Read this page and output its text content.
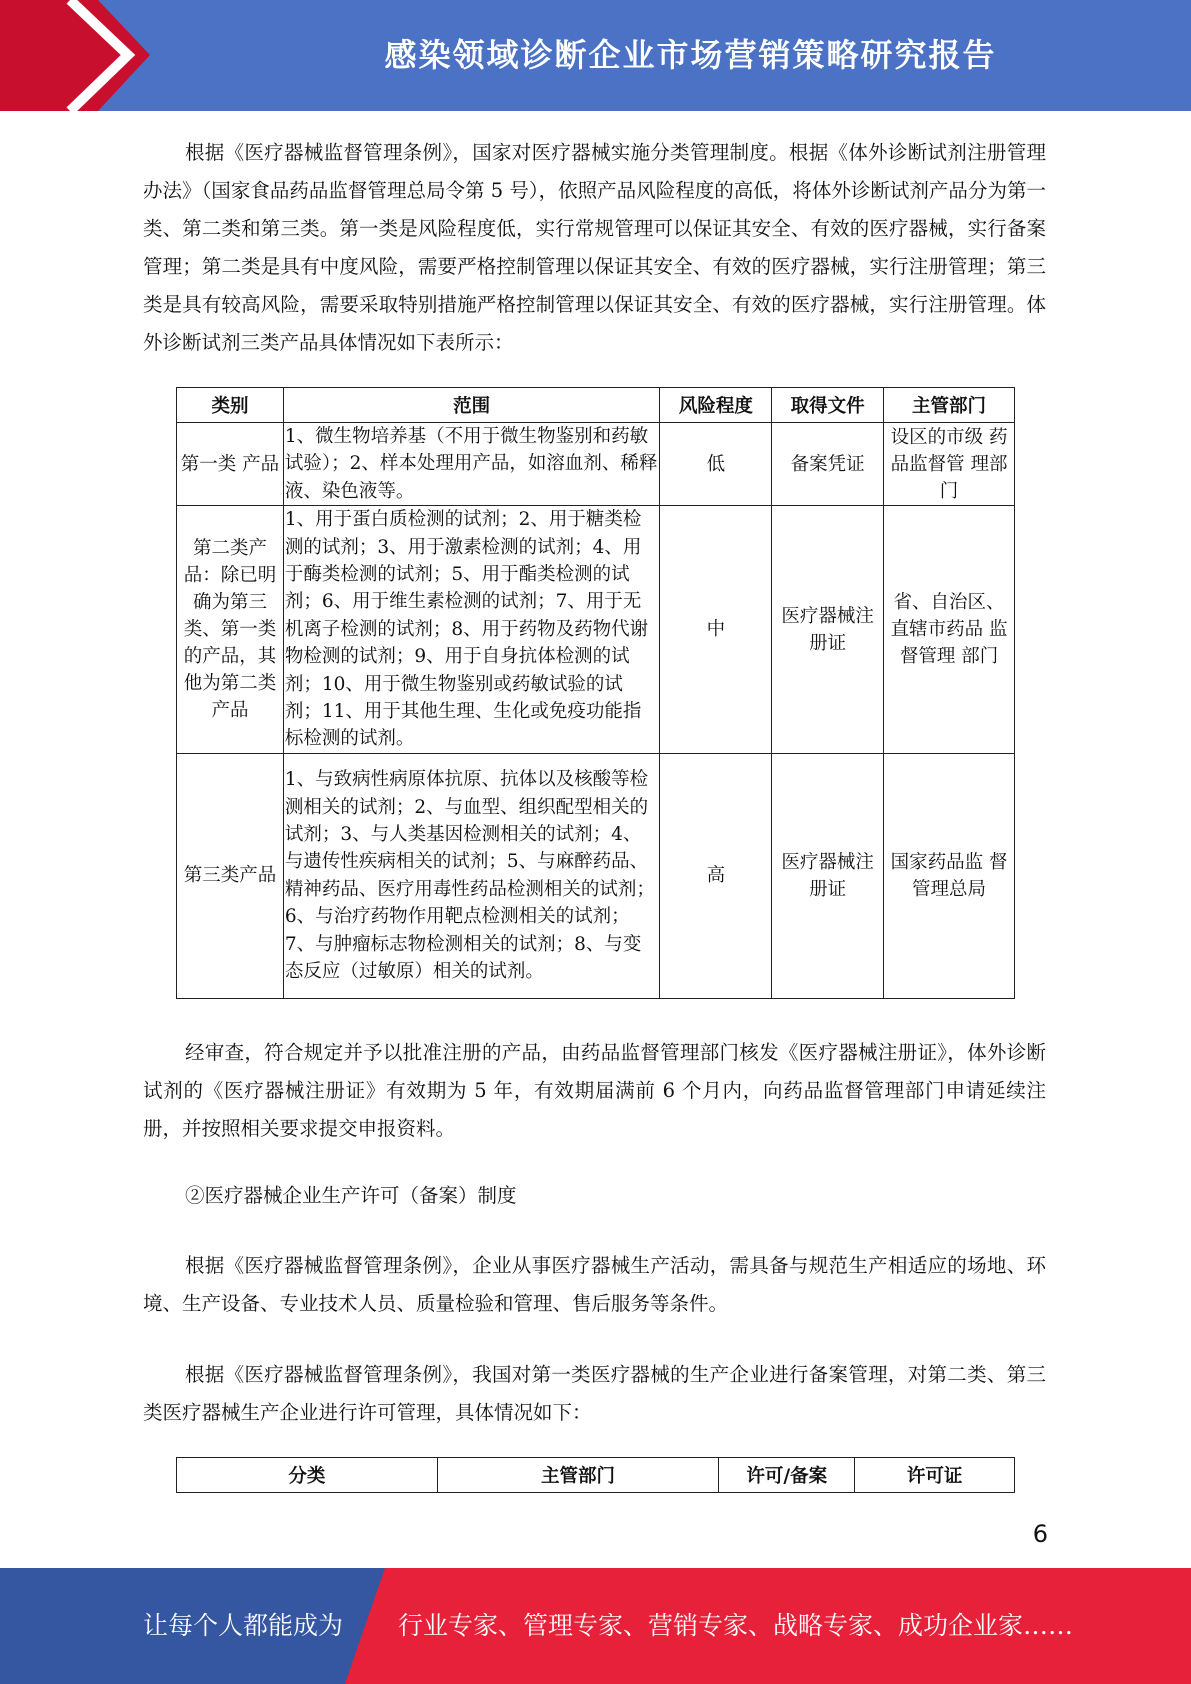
感染领域诊断企业市场营销策略研究报告

根据《医疗器械监督管理条例》，国家对医疗器械实施分类管理制度。根据《体外诊断试剂注册管理办法》（国家食品药品监督管理总局令第 5 号），依照产品风险程度的高低，将体外诊断试剂产品分为第一类、第二类和第三类。第一类是风险程度低，实行常规管理可以保证其安全、有效的医疗器械，实行备案管理；第二类是具有中度风险，需要严格控制管理以保证其安全、有效的医疗器械，实行注册管理；第三类是具有较高风险，需要采取特别措施严格控制管理以保证其安全、有效的医疗器械，实行注册管理。体外诊断试剂三类产品具体情况如下表所示：

类别	范围	风险程度	取得文件	主管部门
第一类 产品	1、微生物培养基（不用于微生物鉴别和药敏试验）；2、样本处理用产品，如溶血剂、稀释液、染色液等。	低	备案凭证	设区的市级 药品监督管 理部门
第二类产品：除已明确为第三类、第一类的产品，其他为第二类产品	1、用于蛋白质检测的试剂；2、用于糖类检测的试剂；3、用于激素检测的试剂；4、用于酶类检测的试剂；5、用于酯类检测的试剂；6、用于维生素检测的试剂；7、用于无机离子检测的试剂；8、用于药物及药物代谢物检测的试剂；9、用于自身抗体检测的试剂；10、用于微生物鉴别或药敏试验的试剂；11、用于其他生理、生化或免疫功能指标检测的试剂。	中	医疗器械注册证	省、自治区、直辖市药品 监督管理 部门
第三类产品	1、与致病性病原体抗原、抗体以及核酸等检测相关的试剂；2、与血型、组织配型相关的试剂；3、与人类基因检测相关的试剂；4、与遗传性疾病相关的试剂；5、与麻醉药品、精神药品、医疗用毒性药品检测相关的试剂；6、与治疗药物作用靶点检测相关的试剂；7、与肿瘤标志物检测相关的试剂；8、与变态反应（过敏原）相关的试剂。	高	医疗器械注册证	国家药品监 督管理总局

经审查，符合规定并予以批准注册的产品，由药品监督管理部门核发《医疗器械注册证》，体外诊断试剂的《医疗器械注册证》有效期为 5 年，有效期届满前 6 个月内，向药品监督管理部门申请延续注册，并按照相关要求提交申报资料。

②医疗器械企业生产许可（备案）制度

根据《医疗器械监督管理条例》，企业从事医疗器械生产活动，需具备与规范生产相适应的场地、环境、生产设备、专业技术人员、质量检验和管理、售后服务等条件。

根据《医疗器械监督管理条例》，我国对第一类医疗器械的生产企业进行备案管理，对第二类、第三类医疗器械生产企业进行许可管理，具体情况如下：

分类	主管部门	许可/备案	许可证
6
让每个人都能成为 行业专家、管理专家、营销专家、战略专家、成功企业家……
